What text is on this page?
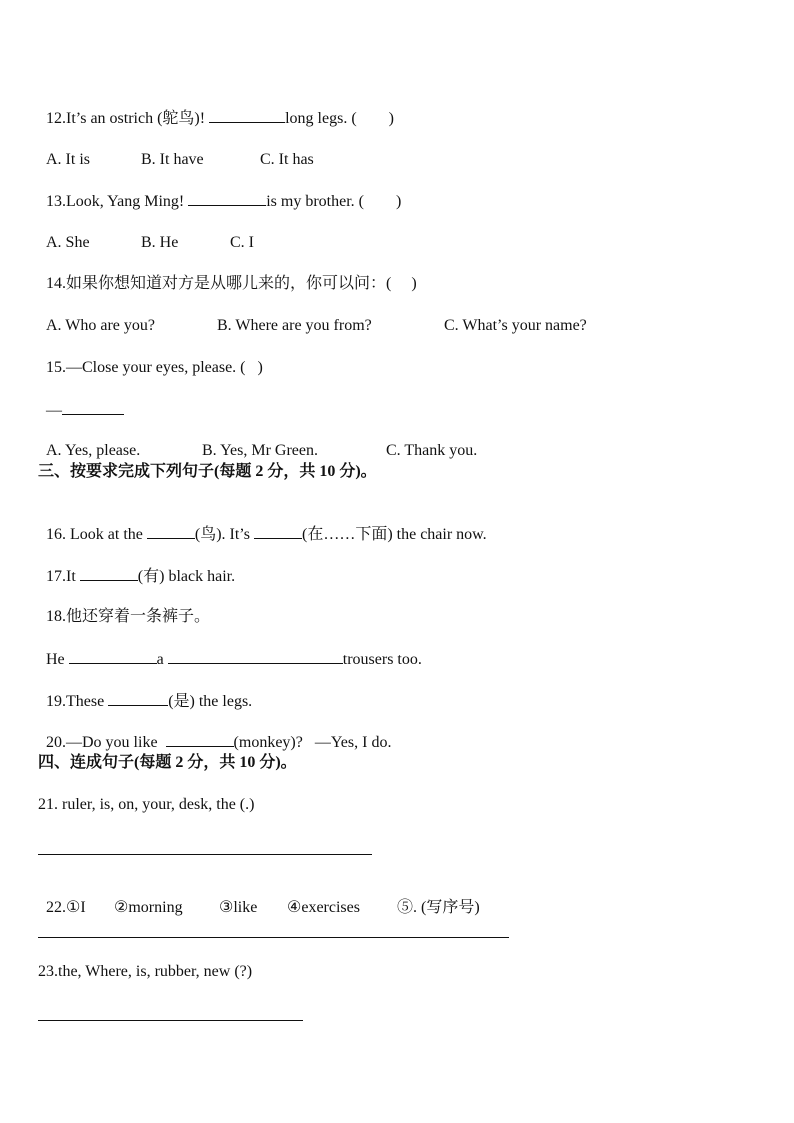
12.It’s an ostrich (鸵鸟)!	long legs. (        )

A. It is	B. It have	C. It has

13.Look, Yang Ming!	is my brother. (        )

A. She	B. He	C. I

14.如果你想知道对方是从哪儿来的，你可以问：(     )

A. Who are you?	B. Where are you from?	C. What’s your name?

15.—Close your eyes, please. (   )

—

A. Yes, please.	B. Yes, Mr Green.	C. Thank you.

三、按要求完成下列句子(每题 2 分，共 10 分)。

16. Look at the	(鸟). It’s	(在……下面) the chair now.

17.It	(有) black hair.

18.他还穿着一条裤子。

He	a	trousers too.

19.These	(是) the legs.

20.—Do you like	(monkey)?   —Yes, I do.

四、连成句子(每题 2 分，共 10 分)。
21. ruler, is, on, your, desk, the (.)

22.①I ②morning ③like ④exercises ⑤. (写序号)

23.the, Where, is, rubber, new (?)
